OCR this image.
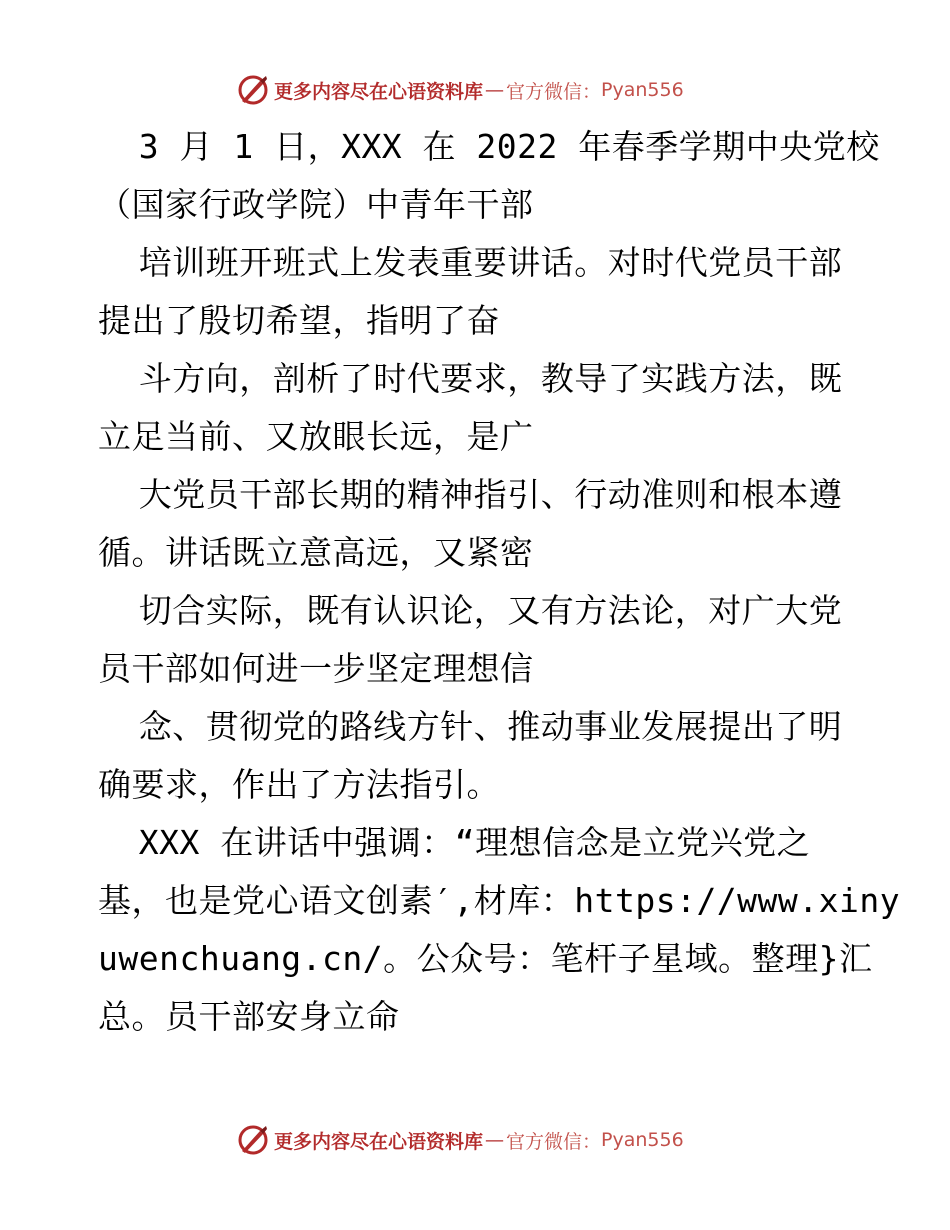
更多内容尽在心语资料库 — 官方微信： Pyan556
3 月 1 日，XXX 在 2022 年春季学期中央党校
（国家行政学院）中青年干部
培训班开班式上发表重要讲话。对时代党员干部
提出了殷切希望，指明了奋
斗方向，剖析了时代要求，教导了实践方法，既
立足当前、又放眼长远，是广
大党员干部长期的精神指引、行动准则和根本遵
循。讲话既立意高远，又紧密
切合实际，既有认识论，又有方法论，对广大党
员干部如何进一步坚定理想信
念、贯彻党的路线方针、推动事业发展提出了明
确要求，作出了方法指引。
XXX 在讲话中强调：“理想信念是立党兴党之
基，也是党心语文创素′,材库：https://www.xiny
uwenchuang.cn/。公众号：笔杆子星域。整理}汇
总。员干部安身立命
更多内容尽在心语资料库 — 官方微信： Pyan556
